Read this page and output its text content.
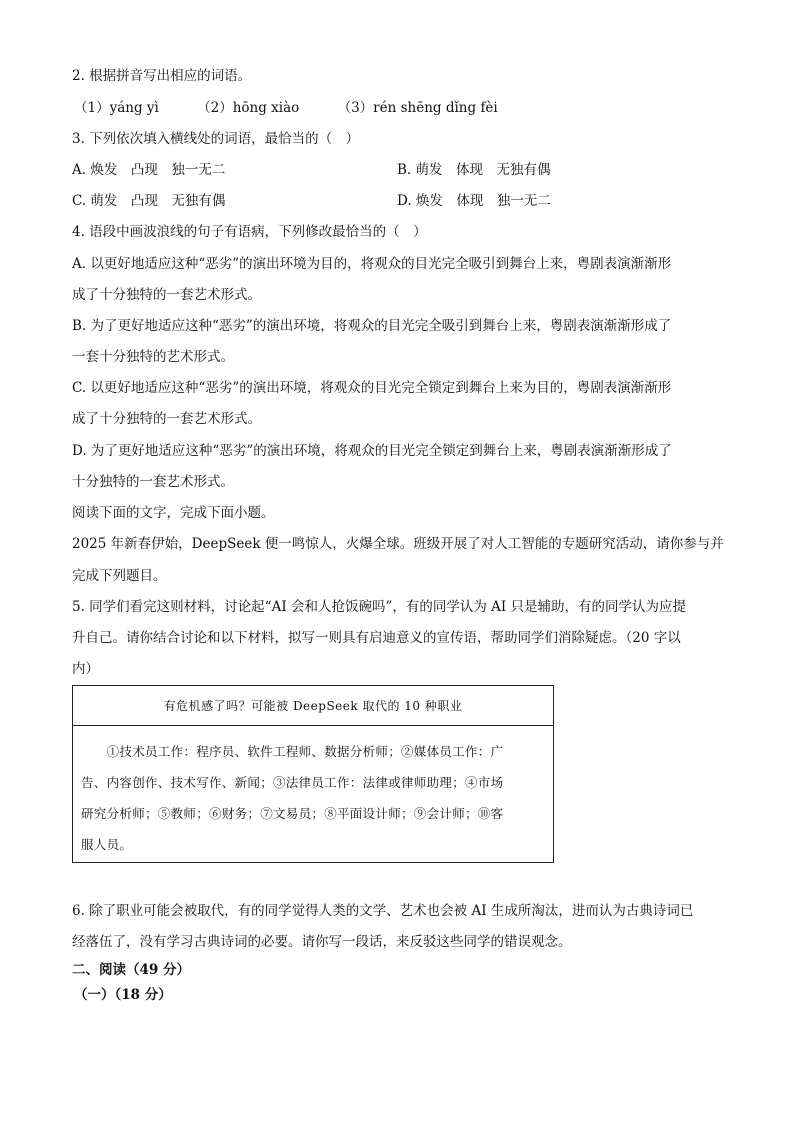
2. 根据拼音写出相应的词语。
（1）yáng yì	（2）hōng xiào	（3）rén shēng dǐng fèi
3. 下列依次填入横线处的词语，最恰当的（　）
A. 焕发　凸现　独一无二	B. 萌发　体现　无独有偶
C. 萌发　凸现　无独有偶	D. 焕发　体现　独一无二
4. 语段中画波浪线的句子有语病，下列修改最恰当的（　）
A. 以更好地适应这种“恶劣”的演出环境为目的，将观众的目光完全吸引到舞台上来，粤剧表演渐渐形
成了十分独特的一套艺术形式。
B. 为了更好地适应这种“恶劣”的演出环境，将观众的目光完全吸引到舞台上来，粤剧表演渐渐形成了
一套十分独特的艺术形式。
C. 以更好地适应这种“恶劣”的演出环境，将观众的目光完全锁定到舞台上来为目的，粤剧表演渐渐形
成了十分独特的一套艺术形式。
D. 为了更好地适应这种“恶劣”的演出环境，将观众的目光完全锁定到舞台上来，粤剧表演渐渐形成了
十分独特的一套艺术形式。
阅读下面的文字，完成下面小题。
2025 年新春伊始，DeepSeek 便一鸣惊人，火爆全球。班级开展了对人工智能的专题研究活动，请你参与并
完成下列题目。
5. 同学们看完这则材料，讨论起“AI 会和人抢饭碗吗”，有的同学认为 AI 只是辅助，有的同学认为应提
升自己。请你结合讨论和以下材料，拟写一则具有启迪意义的宣传语，帮助同学们消除疑虑。（20 字以
内）
有危机感了吗？可能被 DeepSeek 取代的 10 种职业
　　①技术员工作：程序员、软件工程师、数据分析师；②媒体员工作：广
告、内容创作、技术写作、新闻；③法律员工作：法律或律师助理；④市场
研究分析师；⑤教师；⑥财务；⑦文易员；⑧平面设计师；⑨会计师；⑩客
服人员。
6. 除了职业可能会被取代，有的同学觉得人类的文学、艺术也会被 AI 生成所淘汰，进而认为古典诗词已
经落伍了，没有学习古典诗词的必要。请你写一段话，来反驳这些同学的错误观念。
二、阅读（49 分）
（一）（18 分）
